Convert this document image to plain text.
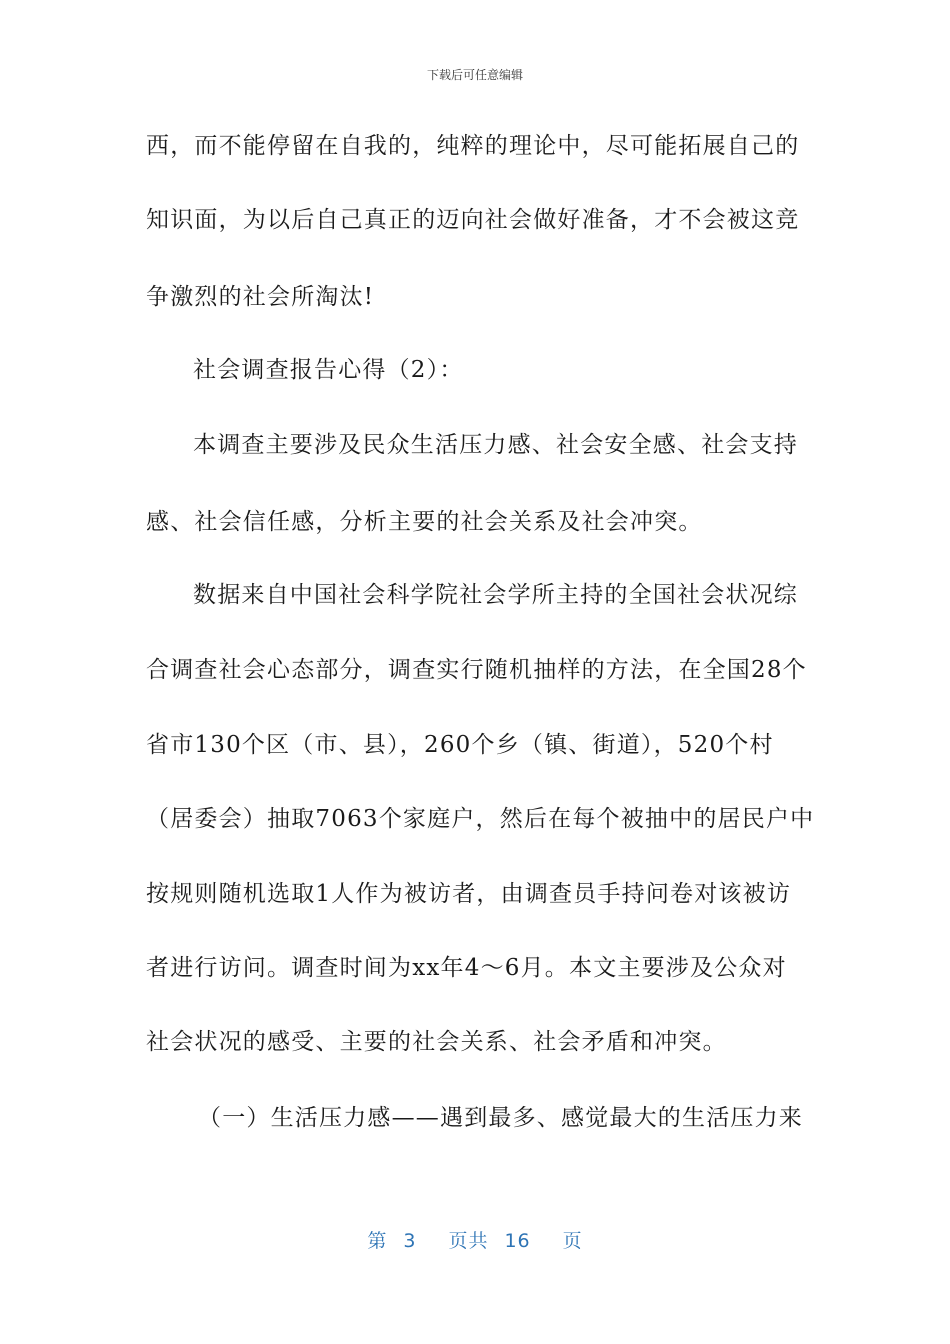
下载后可任意编辑
西，而不能停留在自我的，纯粹的理论中，尽可能拓展自己的
知识面，为以后自己真正的迈向社会做好准备，才不会被这竞
争激烈的社会所淘汰!
社会调查报告心得（2）：
本调查主要涉及民众生活压力感、社会安全感、社会支持
感、社会信任感，分析主要的社会关系及社会冲突。
数据来自中国社会科学院社会学所主持的全国社会状况综
合调查社会心态部分，调查实行随机抽样的方法，在全国28个
省市130个区（市、县），260个乡（镇、街道），520个村
（居委会）抽取7063个家庭户，然后在每个被抽中的居民户中
按规则随机选取1人作为被访者，由调查员手持问卷对该被访
者进行访问。调查时间为xx年4～6月。本文主要涉及公众对
社会状况的感受、主要的社会关系、社会矛盾和冲突。
（一）生活压力感——遇到最多、感觉最大的生活压力来
第 3 页共 16 页
